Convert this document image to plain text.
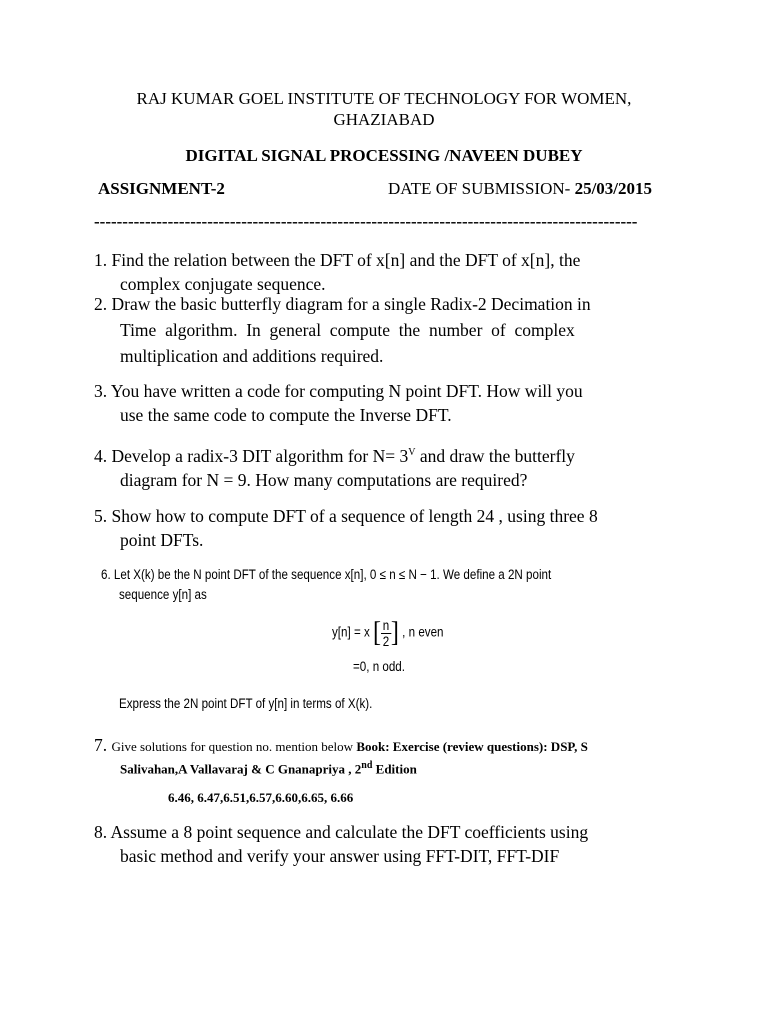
RAJ KUMAR GOEL INSTITUTE OF TECHNOLOGY FOR WOMEN,
GHAZIABAD
DIGITAL SIGNAL PROCESSING /NAVEEN DUBEY
ASSIGNMENT-2	DATE OF SUBMISSION- 25/03/2015
------------------------------------------------------------------------------------------------
1. Find the relation between the DFT of x[n] and the DFT of x[n], the
complex conjugate sequence.
2. Draw the basic butterfly diagram for a single Radix-2 Decimation in
Time  algorithm.  In  general  compute  the  number  of  complex
multiplication and additions required.
3. You have written a code for computing N point DFT. How will you
use the same code to compute the Inverse DFT.
4. Develop a radix-3 DIT algorithm for $N= 3^V$ and draw the butterfly
diagram for N = 9. How many computations are required?
5. Show how to compute DFT of a sequence of length 24 , using three 8
point DFTs.
6. Let X(k) be the N point DFT of the sequence x[n], 0 ≤ n ≤ N − 1. We define a 2N point
sequence y[n] as
y[n] = x [ $\frac{n}{2}$ ] , n even
=0, n odd.
Express the 2N point DFT of y[n] in terms of X(k).
7. Give solutions for question no. mention below Book: Exercise (review questions): DSP, S
Salivahan,A Vallavaraj & C Gnanapriya , 2nd Edition
6.46, 6.47,6.51,6.57,6.60,6.65, 6.66
8. Assume a 8 point sequence and calculate the DFT coefficients using
basic method and verify your answer using FFT-DIT, FFT-DIF
